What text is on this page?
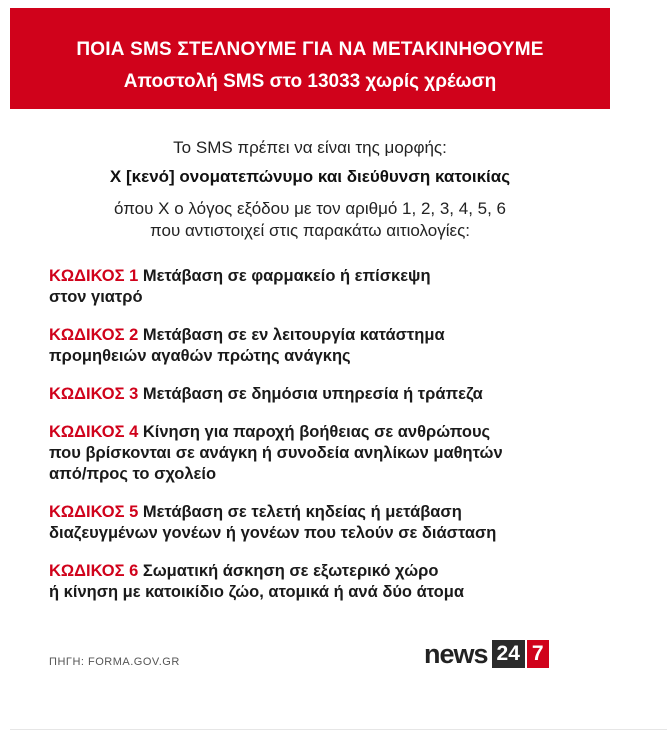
ΠΟΙΑ SMS ΣΤΕΛΝΟΥΜΕ ΓΙΑ ΝΑ ΜΕΤΑΚΙΝΗΘΟΥΜΕ
Αποστολή SMS στο 13033 χωρίς χρέωση
Το SMS πρέπει να είναι της μορφής:
X [κενό] ονοματεπώνυμο και διεύθυνση κατοικίας
όπου Χ ο λόγος εξόδου με τον αριθμό 1, 2, 3, 4, 5, 6
που αντιστοιχεί στις παρακάτω αιτιολογίες:
ΚΩΔΙΚΟΣ 1 Μετάβαση σε φαρμακείο ή επίσκεψη
στον γιατρό
ΚΩΔΙΚΟΣ 2 Μετάβαση σε εν λειτουργία κατάστημα
προμηθειών αγαθών πρώτης ανάγκης
ΚΩΔΙΚΟΣ 3 Μετάβαση σε δημόσια υπηρεσία ή τράπεζα
ΚΩΔΙΚΟΣ 4 Κίνηση για παροχή βοήθειας σε ανθρώπους
που βρίσκονται σε ανάγκη ή συνοδεία ανηλίκων μαθητών
από/προς το σχολείο
ΚΩΔΙΚΟΣ 5 Μετάβαση σε τελετή κηδείας ή μετάβαση
διαζευγμένων γονέων ή γονέων που τελούν σε διάσταση
ΚΩΔΙΚΟΣ 6 Σωματική άσκηση σε εξωτερικό χώρο
ή κίνηση με κατοικίδιο ζώο, ατομικά ή ανά δύο άτομα
ΠΗΓΗ: FORMA.GOV.GR	news 24 7
